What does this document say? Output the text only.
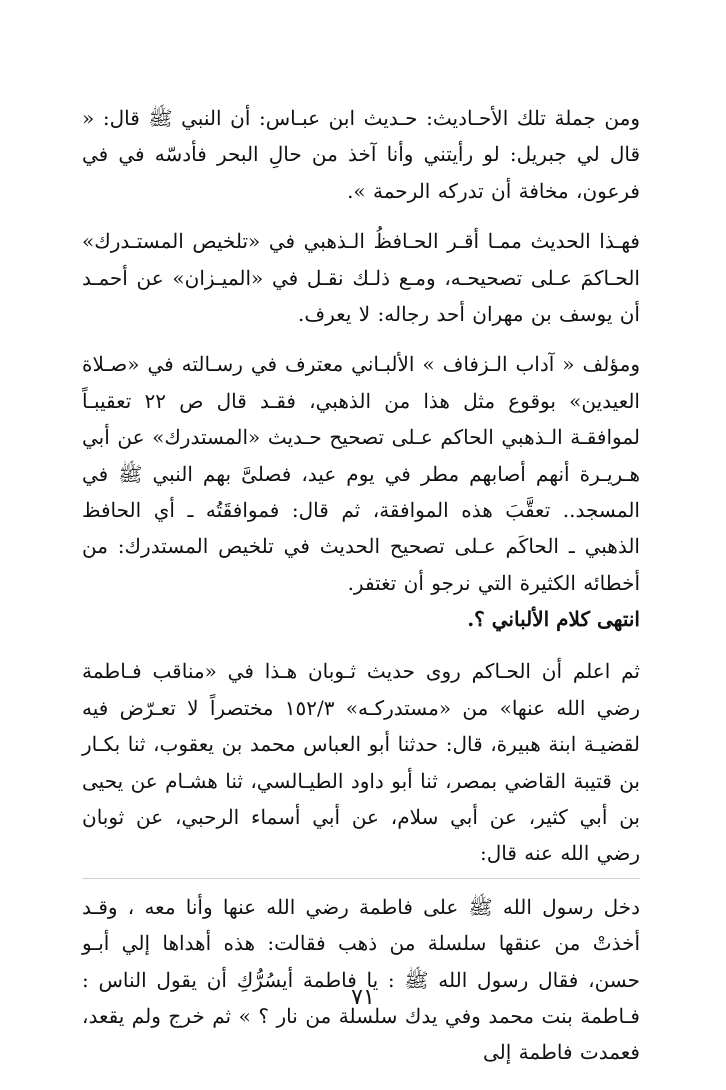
ومن جملة تلك الأحـاديث: حـديث ابن عبـاس: أن النبي ﷺ قال: « قال لي جبريل: لو رأيتني وأنا آخذ من حالِ البحر فأدسّه في في فرعون، مخافة أن تدركه الرحمة ».

فهـذا الحديث ممـا أقـر الحـافظُ الـذهبي في «تلخيص المستـدرك» الحـاكمَ عـلى تصحيحـه، ومـع ذلـك نقـل في «الميـزان» عن أحمـد أن يوسف بن مهران أحد رجاله: لا يعرف.

ومؤلف « آداب الـزفاف » الألبـاني معترف في رسـالته في «صـلاة العيدين» بوقوع مثل هذا من الذهبي، فقـد قال ص ٢٢ تعقيبـاً لموافقـة الـذهبي الحاكم عـلى تصحيح حـديث «المستدرك» عن أبي هـريـرة أنهم أصابهم مطر في يوم عيد، فصلىَّ بهم النبي ﷺ في المسجد.. تعقَّبَ هذه الموافقة، ثم قال: فموافقَتُه ـ أي الحافظ الذهبي ـ الحاكَم عـلى تصحيح الحديث في تلخيص المستدرك: من أخطائه الكثيرة التي نرجو أن تغتفر.

انتهى كلام الألباني ؟.

ثم اعلم أن الحـاكم روى حديث ثـوبان هـذا في «مناقب فـاطمة رضي الله عنها» من «مستدركـه» ١٥٢/٣ مختصراً لا تعـرّض فيه لقضيـة ابنة هبيرة، قال: حدثنا أبو العباس محمد بن يعقوب، ثنا بكـار بن قتيبة القاضي بمصر، ثنا أبو داود الطيـالسي، ثنا هشـام عن يحيى بن أبي كثير، عن أبي سلام، عن أبي أسماء الرحبي، عن ثوبان رضي الله عنه قال:

دخل رسول الله ﷺ على فاطمة رضي الله عنها وأنا معه ، وقـد أخذتْ من عنقها سلسلة من ذهب فقالت: هذه أهداها إلي أبـو حسن، فقال رسول الله ﷺ : يا فاطمة أيسُرُّكِ أن يقول الناس : فـاطمة بنت محمد وفي يدك سلسلة من نار ؟ » ثم خرج ولم يقعد، فعمدت فاطمة إلى

٧١
